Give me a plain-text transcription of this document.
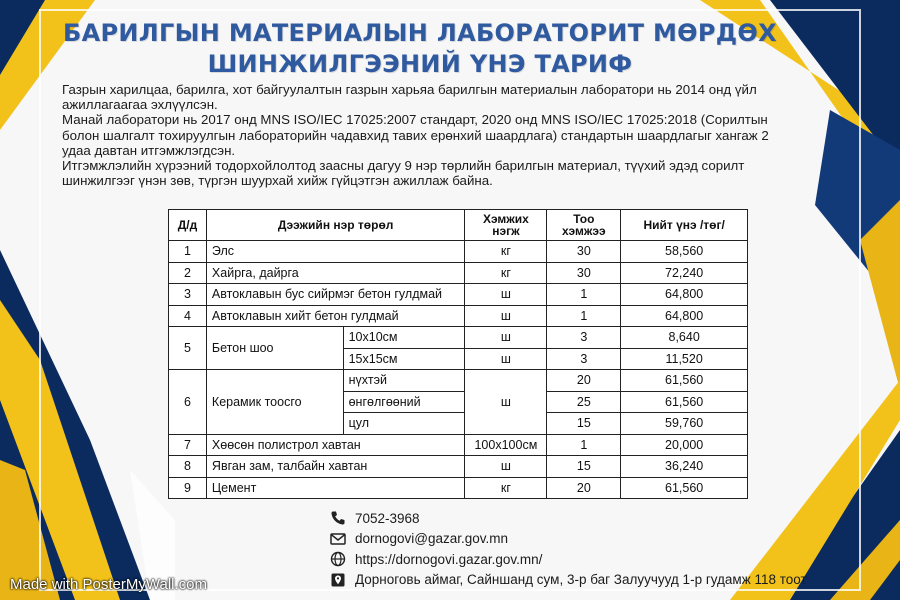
БАРИЛГЫН МАТЕРИАЛЫН ЛАБОРАТОРИТ МӨРДӨХ
ШИНЖИЛГЭЭНИЙ ҮНЭ ТАРИФ

Газрын харилцаа, барилга, хот байгуулалтын газрын харьяа барилгын материалын лаборатори нь 2014 онд үйл ажиллагаагаа эхлүүлсэн.

Манай лаборатори нь 2017 онд MNS ISO/IEC 17025:2007 стандарт, 2020 онд MNS ISO/IEC 17025:2018 (Сорилтын болон шалгалт тохируулгын лабораторийн чадавхид тавих ерөнхий шаардлага) стандартын шаардлагыг хангаж 2 удаа давтан итгэмжлэгдсэн.

Итгэмжлэлийн хүрээний тодорхойлолтод заасны дагуу 9 нэр төрлийн барилгын материал, түүхий эдэд сорилт шинжилгээг үнэн зөв, түргэн шуурхай хийж гүйцэтгэн ажиллаж байна.

Д/д	Дээжийн нэр төрөл		Хэмжих нэгж	Тоо хэмжээ	Нийт үнэ /төг/
1	Элс		кг	30	58,560
2	Хайрга, дайрга		кг	30	72,240
3	Автоклавын бус сийрмэг бетон гулдмай		ш	1	64,800
4	Автоклавын хийт бетон гулдмай		ш	1	64,800
5	Бетон шоо	10x10см	ш	3	8,640
		15x15см	ш	3	11,520
6	Керамик тоосго	нүхтэй	ш	20	61,560
		өнгөлгөөний		25	61,560
		цул		15	59,760
7	Хөөсөн полистрол хавтан		100x100см	1	20,000
8	Явган зам, талбайн хавтан		ш	15	36,240
9	Цемент		кг	20	61,560
7052-3968
dornogovi@gazar.gov.mn
https://dornogovi.gazar.gov.mn/
Дорноговь аймаг, Сайншанд сум, 3-р баг Залуучууд 1-р гудамж 118 тоот
Made with PosterMyWall.com
